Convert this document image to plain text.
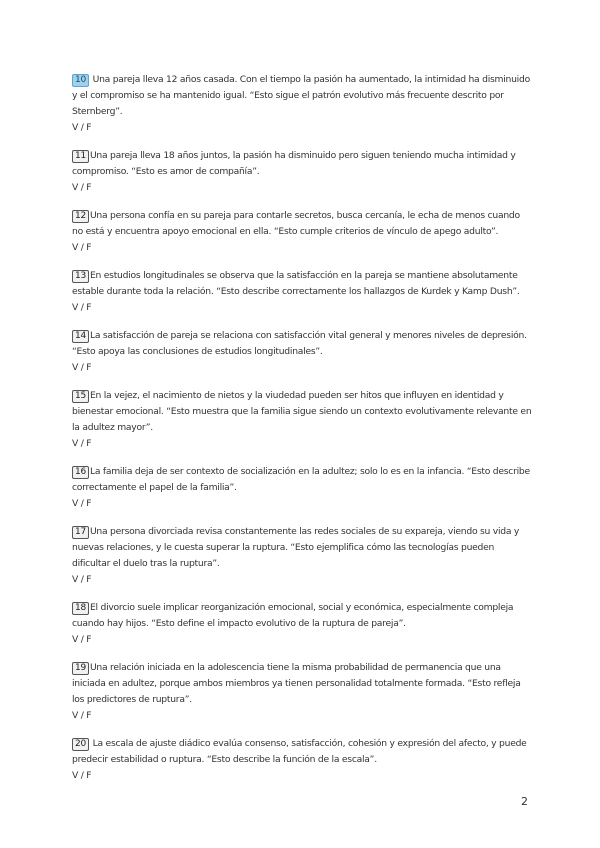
10 Una pareja lleva 12 años casada. Con el tiempo la pasión ha aumentado, la intimidad ha disminuido y el compromiso se ha mantenido igual. “Esto sigue el patrón evolutivo más frecuente descrito por Sternberg”.
V / F
11 Una pareja lleva 18 años juntos, la pasión ha disminuido pero siguen teniendo mucha intimidad y compromiso. “Esto es amor de compañía”.
V / F
12 Una persona confía en su pareja para contarle secretos, busca cercanía, le echa de menos cuando no está y encuentra apoyo emocional en ella. “Esto cumple criterios de vínculo de apego adulto”.
V / F
13 En estudios longitudinales se observa que la satisfacción en la pareja se mantiene absolutamente estable durante toda la relación. “Esto describe correctamente los hallazgos de Kurdek y Kamp Dush”.
V / F
14 La satisfacción de pareja se relaciona con satisfacción vital general y menores niveles de depresión. “Esto apoya las conclusiones de estudios longitudinales”.
V / F
15 En la vejez, el nacimiento de nietos y la viudedad pueden ser hitos que influyen en identidad y bienestar emocional. “Esto muestra que la familia sigue siendo un contexto evolutivamente relevante en la adultez mayor”.
V / F
16 La familia deja de ser contexto de socialización en la adultez; solo lo es en la infancia. “Esto describe correctamente el papel de la familia”.
V / F
17 Una persona divorciada revisa constantemente las redes sociales de su expareja, viendo su vida y nuevas relaciones, y le cuesta superar la ruptura. “Esto ejemplifica cómo las tecnologías pueden dificultar el duelo tras la ruptura”.
V / F
18 El divorcio suele implicar reorganización emocional, social y económica, especialmente compleja cuando hay hijos. “Esto define el impacto evolutivo de la ruptura de pareja”.
V / F
19 Una relación iniciada en la adolescencia tiene la misma probabilidad de permanencia que una iniciada en adultez, porque ambos miembros ya tienen personalidad totalmente formada. “Esto refleja los predictores de ruptura”.
V / F
20 La escala de ajuste diádico evalúa consenso, satisfacción, cohesión y expresión del afecto, y puede predecir estabilidad o ruptura. “Esto describe la función de la escala”.
V / F
2
